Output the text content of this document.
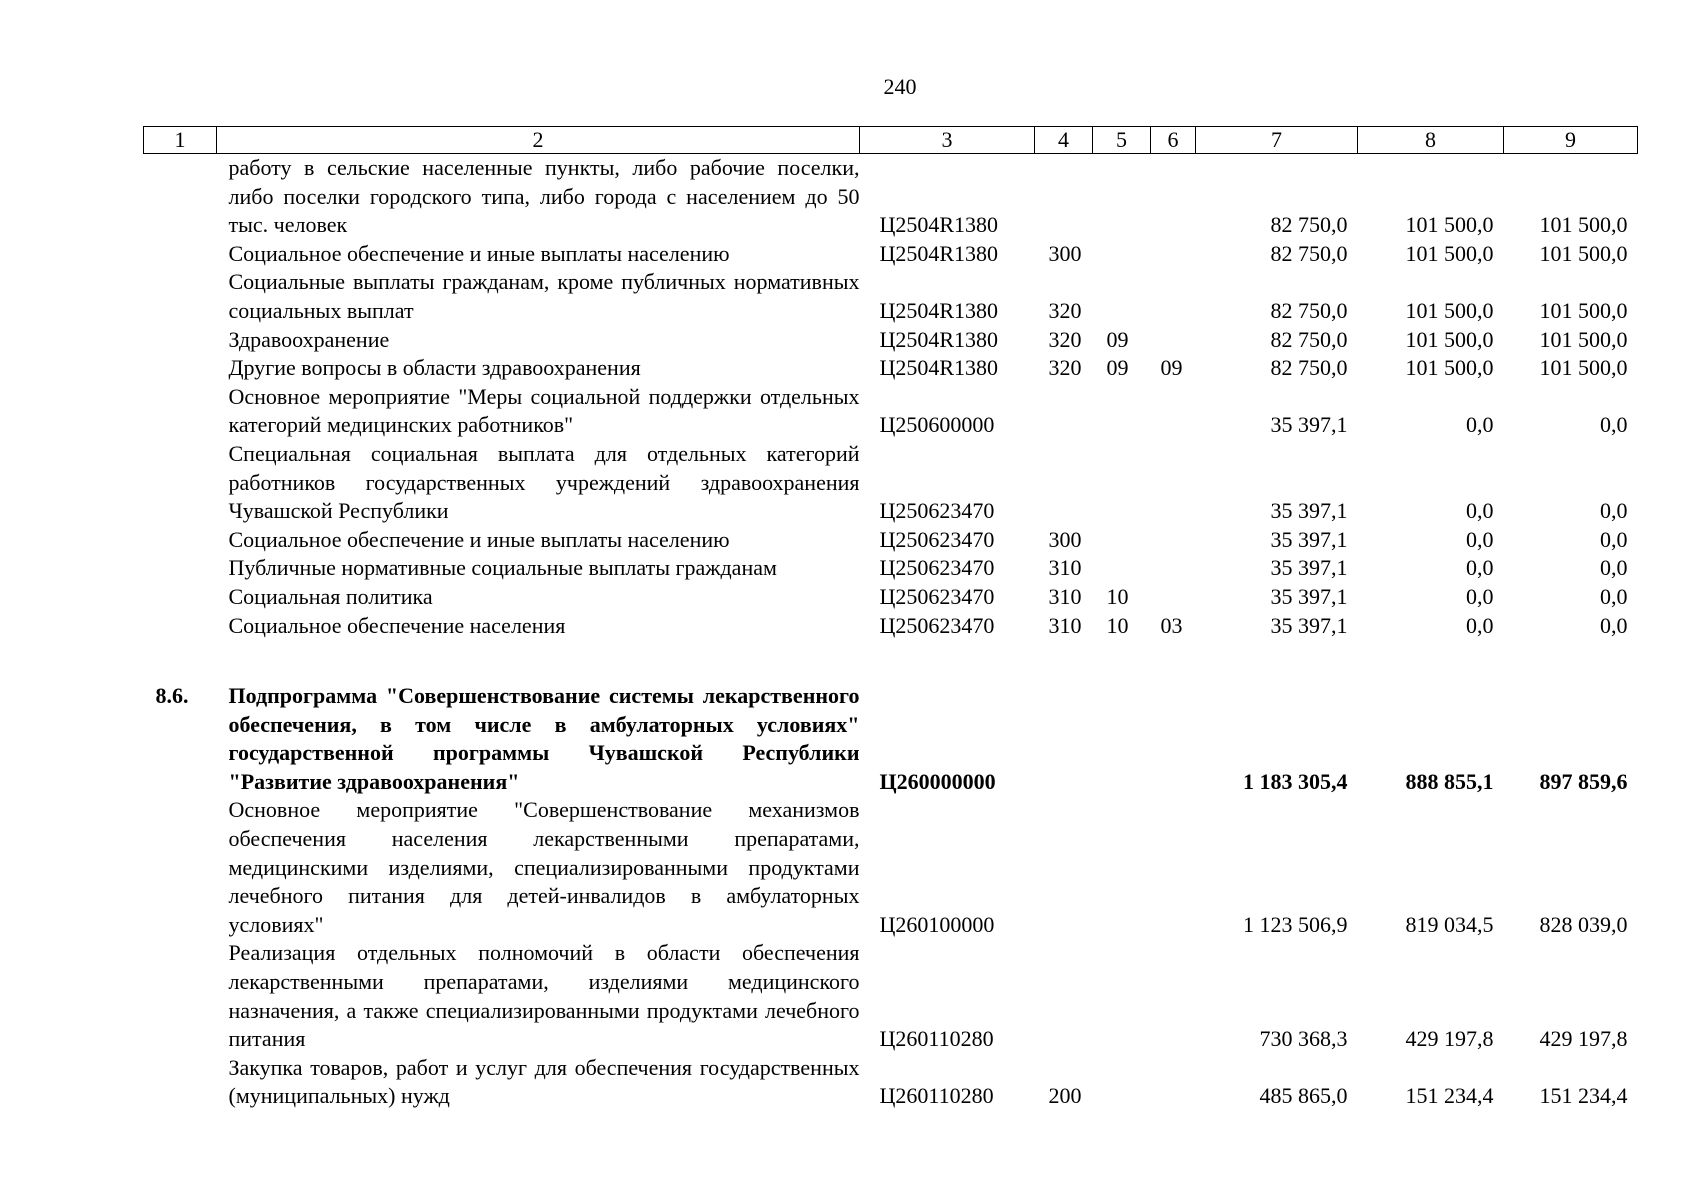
240
1	2	3	4	5	6	7	8	9
	работу в сельские населенные пункты, либо рабочие поселки, либо поселки городского типа, либо города с населением до 50 тыс. человек	Ц2504R1380				82 750,0	101 500,0	101 500,0
	Социальное обеспечение и иные выплаты населению	Ц2504R1380	300			82 750,0	101 500,0	101 500,0
	Социальные выплаты гражданам, кроме публичных нормативных социальных выплат	Ц2504R1380	320			82 750,0	101 500,0	101 500,0
	Здравоохранение	Ц2504R1380	320	09		82 750,0	101 500,0	101 500,0
	Другие вопросы в области здравоохранения	Ц2504R1380	320	09	09	82 750,0	101 500,0	101 500,0
	Основное мероприятие "Меры социальной поддержки отдельных категорий медицинских работников"	Ц250600000				35 397,1	0,0	0,0
	Специальная социальная выплата для отдельных категорий работников государственных учреждений здравоохранения Чувашской Республики	Ц250623470				35 397,1	0,0	0,0
	Социальное обеспечение и иные выплаты населению	Ц250623470	300			35 397,1	0,0	0,0
	Публичные нормативные социальные выплаты гражданам	Ц250623470	310			35 397,1	0,0	0,0
	Социальная политика	Ц250623470	310	10		35 397,1	0,0	0,0
	Социальное обеспечение населения	Ц250623470	310	10	03	35 397,1	0,0	0,0

8.6.	Подпрограмма "Совершенствование системы лекарственного обеспечения, в том числе в амбулаторных условиях" государственной программы Чувашской Республики "Развитие здравоохранения"	Ц260000000				1 183 305,4	888 855,1	897 859,6
	Основное мероприятие "Совершенствование механизмов обеспечения населения лекарственными препаратами, медицинскими изделиями, специализированными продуктами лечебного питания для детей-инвалидов в амбулаторных условиях"	Ц260100000				1 123 506,9	819 034,5	828 039,0
	Реализация отдельных полномочий в области обеспечения лекарственными препаратами, изделиями медицинского назначения, а также специализированными продуктами лечебного питания	Ц260110280				730 368,3	429 197,8	429 197,8
	Закупка товаров, работ и услуг для обеспечения государственных (муниципальных) нужд	Ц260110280	200			485 865,0	151 234,4	151 234,4
